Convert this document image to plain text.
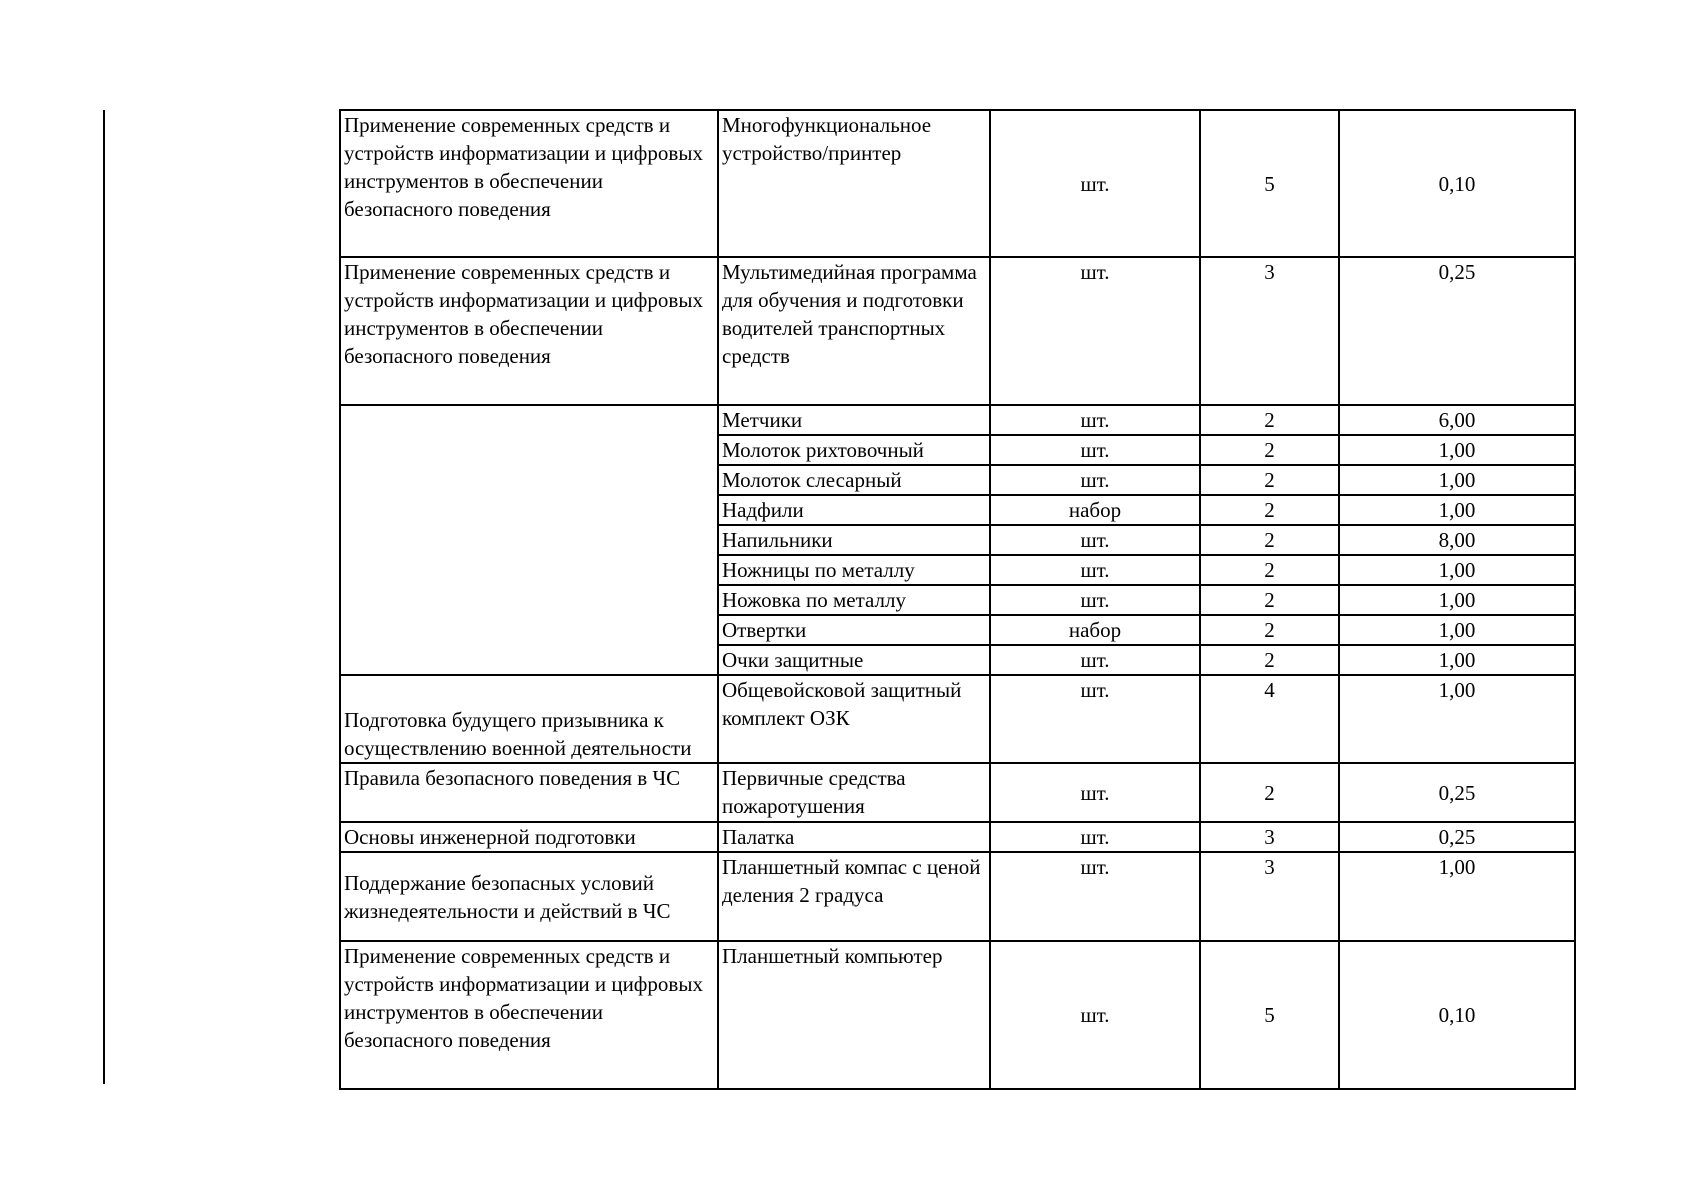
Применение современных средств и устройств информатизации и цифровых инструментов в обеспечении безопасного поведения	Многофункциональное устройство/принтер	шт.	5	0,10
Применение современных средств и устройств информатизации и цифровых инструментов в обеспечении безопасного поведения	Мультимедийная программа для обучения и подготовки водителей транспортных средств	шт.	3	0,25
	Метчики	шт.	2	6,00
	Молоток рихтовочный	шт.	2	1,00
	Молоток слесарный	шт.	2	1,00
	Надфили	набор	2	1,00
	Напильники	шт.	2	8,00
	Ножницы по металлу	шт.	2	1,00
	Ножовка по металлу	шт.	2	1,00
	Отвертки	набор	2	1,00
	Очки защитные	шт.	2	1,00
Подготовка будущего призывника к осуществлению военной деятельности	Общевойсковой защитный комплект ОЗК	шт.	4	1,00
Правила безопасного поведения в ЧС	Первичные средства пожаротушения	шт.	2	0,25
Основы инженерной подготовки	Палатка	шт.	3	0,25
Поддержание безопасных условий жизнедеятельности и действий в ЧС	Планшетный компас с ценой деления 2 градуса	шт.	3	1,00
Применение современных средств и устройств информатизации и цифровых инструментов в обеспечении безопасного поведения	Планшетный компьютер	шт.	5	0,10
